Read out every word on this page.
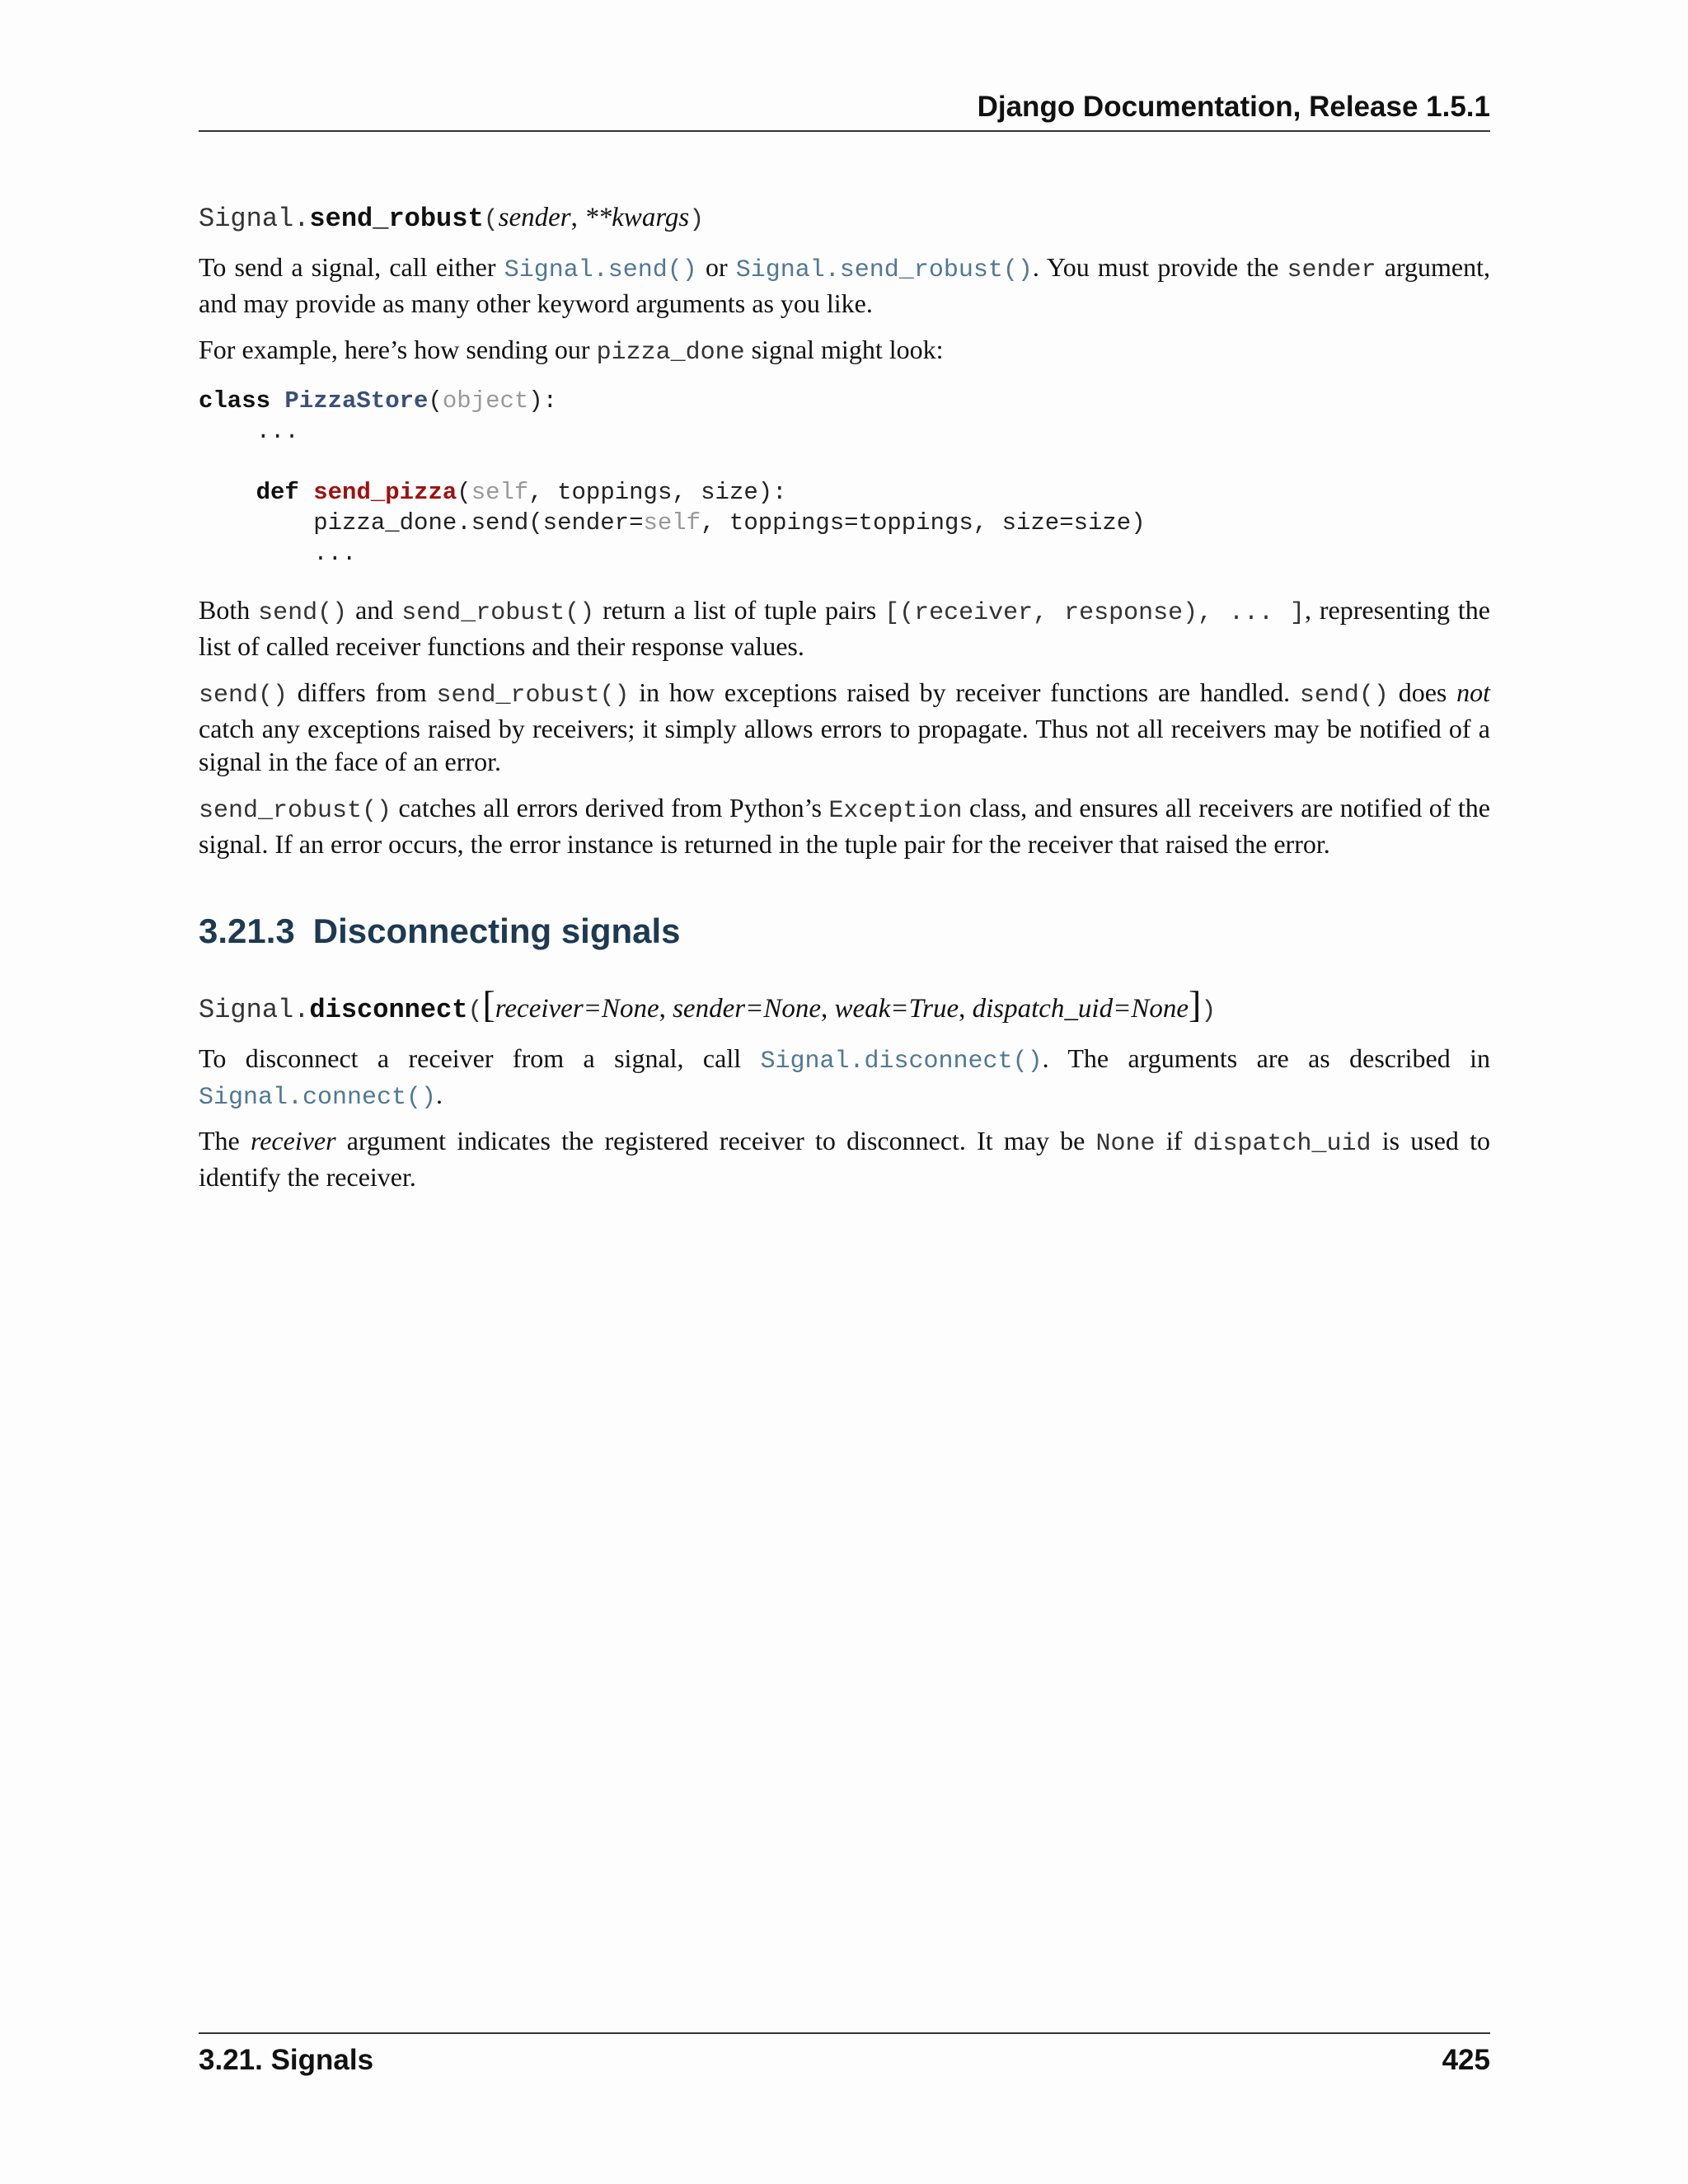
Django Documentation, Release 1.5.1
Signal.send_robust(sender, **kwargs)

To send a signal, call either Signal.send() or Signal.send_robust(). You must provide the sender argument, and may provide as many other keyword arguments as you like.

For example, here’s how sending our pizza_done signal might look:

class PizzaStore(object):
...

def send_pizza(self, toppings, size):
pizza_done.send(sender=self, toppings=toppings, size=size)
...

Both send() and send_robust() return a list of tuple pairs [(receiver, response), ... ], representing the list of called receiver functions and their response values.

send() differs from send_robust() in how exceptions raised by receiver functions are handled. send() does not catch any exceptions raised by receivers; it simply allows errors to propagate. Thus not all receivers may be notified of a signal in the face of an error.

send_robust() catches all errors derived from Python’s Exception class, and ensures all receivers are notified of the signal. If an error occurs, the error instance is returned in the tuple pair for the receiver that raised the error.

3.21.3 Disconnecting signals
Signal.disconnect([receiver=None, sender=None, weak=True, dispatch_uid=None])

To disconnect a receiver from a signal, call Signal.disconnect(). The arguments are as described in Signal.connect().

The receiver argument indicates the registered receiver to disconnect. It may be None if dispatch_uid is used to identify the receiver.

3.21. Signals	425
